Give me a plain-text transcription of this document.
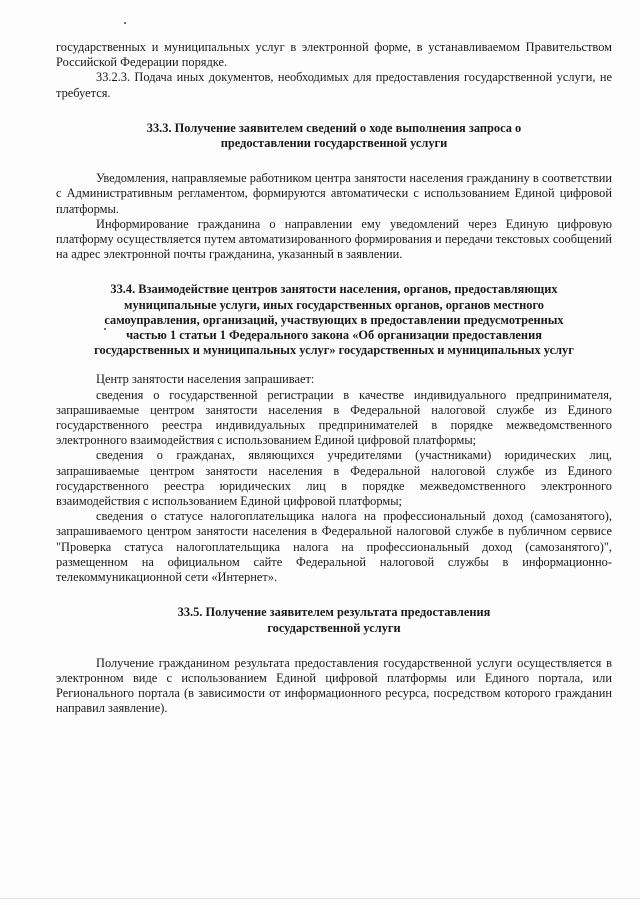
государственных и муниципальных услуг в электронной форме, в устанавливаемом Правительством Российской Федерации порядке.

33.2.3. Подача иных документов, необходимых для предоставления государственной услуги, не требуется.

33.3. Получение заявителем сведений о ходе выполнения запроса о предоставлении государственной услуги

Уведомления, направляемые работником центра занятости населения гражданину в соответствии с Административным регламентом, формируются автоматически с использованием Единой цифровой платформы.

Информирование гражданина о направлении ему уведомлений через Единую цифровую платформу осуществляется путем автоматизированного формирования и передачи текстовых сообщений на адрес электронной почты гражданина, указанный в заявлении.

33.4. Взаимодействие центров занятости населения, органов, предоставляющих муниципальные услуги, иных государственных органов, органов местного самоуправления, организаций, участвующих в предоставлении предусмотренных частью 1 статьи 1 Федерального закона «Об организации предоставления государственных и муниципальных услуг» государственных и муниципальных услуг

Центр занятости населения запрашивает:

сведения о государственной регистрации в качестве индивидуального предпринимателя, запрашиваемые центром занятости населения в Федеральной налоговой службе из Единого государственного реестра индивидуальных предпринимателей в порядке межведомственного электронного взаимодействия с использованием Единой цифровой платформы;

сведения о гражданах, являющихся учредителями (участниками) юридических лиц, запрашиваемые центром занятости населения в Федеральной налоговой службе из Единого государственного реестра юридических лиц в порядке межведомственного электронного взаимодействия с использованием Единой цифровой платформы;

сведения о статусе налогоплательщика налога на профессиональный доход (самозанятого), запрашиваемого центром занятости населения в Федеральной налоговой службе в публичном сервисе "Проверка статуса налогоплательщика налога на профессиональный доход (самозанятого)", размещенном на официальном сайте Федеральной налоговой службы в информационно-телекоммуникационной сети «Интернет».

33.5. Получение заявителем результата предоставления государственной услуги

Получение гражданином результата предоставления государственной услуги осуществляется в электронном виде с использованием Единой цифровой платформы или Единого портала, или Регионального портала (в зависимости от информационного ресурса, посредством которого гражданин направил заявление).
